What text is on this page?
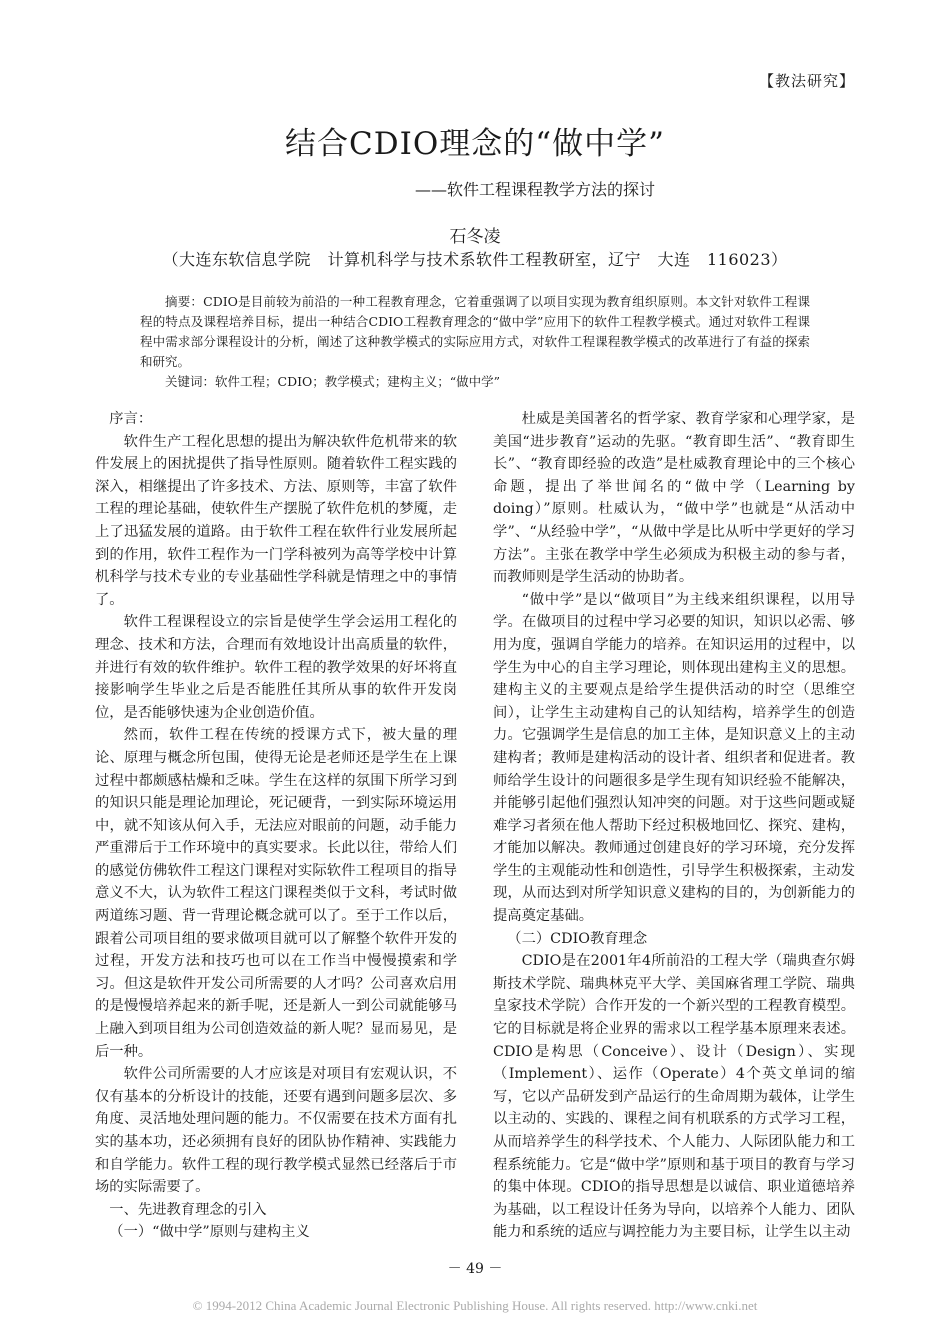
【教法研究】
结合CDIO理念的“做中学”
——软件工程课程教学方法的探讨
石冬凌
（大连东软信息学院　计算机科学与技术系软件工程教研室，辽宁　大连　116023）

摘要：CDIO是目前较为前沿的一种工程教育理念，它着重强调了以项目实现为教育组织原则。本文针对软件工程课程的特点及课程培养目标，提出一种结合CDIO工程教育理念的“做中学”应用下的软件工程教学模式。通过对软件工程课程中需求部分课程设计的分析，阐述了这种教学模式的实际应用方式，对软件工程课程教学模式的改革进行了有益的探索和研究。

关键词：软件工程；CDIO；教学模式；建构主义；“做中学”

序言：

软件生产工程化思想的提出为解决软件危机带来的软件发展上的困扰提供了指导性原则。随着软件工程实践的深入，相继提出了许多技术、方法、原则等，丰富了软件工程的理论基础，使软件生产摆脱了软件危机的梦魇，走上了迅猛发展的道路。由于软件工程在软件行业发展所起到的作用，软件工程作为一门学科被列为高等学校中计算机科学与技术专业的专业基础性学科就是情理之中的事情了。

软件工程课程设立的宗旨是使学生学会运用工程化的理念、技术和方法，合理而有效地设计出高质量的软件，并进行有效的软件维护。软件工程的教学效果的好坏将直接影响学生毕业之后是否能胜任其所从事的软件开发岗位，是否能够快速为企业创造价值。

然而，软件工程在传统的授课方式下，被大量的理论、原理与概念所包围，使得无论是老师还是学生在上课过程中都颇感枯燥和乏味。学生在这样的氛围下所学习到的知识只能是理论加理论，死记硬背，一到实际环境运用中，就不知该从何入手，无法应对眼前的问题，动手能力严重滞后于工作环境中的真实要求。长此以往，带给人们的感觉仿佛软件工程这门课程对实际软件工程项目的指导意义不大，认为软件工程这门课程类似于文科，考试时做两道练习题、背一背理论概念就可以了。至于工作以后，跟着公司项目组的要求做项目就可以了解整个软件开发的过程，开发方法和技巧也可以在工作当中慢慢摸索和学习。但这是软件开发公司所需要的人才吗？公司喜欢启用的是慢慢培养起来的新手呢，还是新人一到公司就能够马上融入到项目组为公司创造效益的新人呢？显而易见，是后一种。

软件公司所需要的人才应该是对项目有宏观认识，不仅有基本的分析设计的技能，还要有遇到问题多层次、多角度、灵活地处理问题的能力。不仅需要在技术方面有扎实的基本功，还必须拥有良好的团队协作精神、实践能力和自学能力。软件工程的现行教学模式显然已经落后于市场的实际需要了。

一、先进教育理念的引入

（一）“做中学”原则与建构主义

杜威是美国著名的哲学家、教育学家和心理学家，是美国“进步教育”运动的先驱。“教育即生活”、“教育即生长”、“教育即经验的改造”是杜威教育理论中的三个核心命题，提出了举世闻名的“做中学（Learning by doing）”原则。杜威认为，“做中学”也就是“从活动中学”、“从经验中学”，“从做中学是比从听中学更好的学习方法”。主张在教学中学生必须成为积极主动的参与者，而教师则是学生活动的协助者。

“做中学”是以“做项目”为主线来组织课程，以用导学。在做项目的过程中学习必要的知识，知识以必需、够用为度，强调自学能力的培养。在知识运用的过程中，以学生为中心的自主学习理论，则体现出建构主义的思想。建构主义的主要观点是给学生提供活动的时空（思维空间），让学生主动建构自己的认知结构，培养学生的创造力。它强调学生是信息的加工主体，是知识意义上的主动建构者；教师是建构活动的设计者、组织者和促进者。教师给学生设计的问题很多是学生现有知识经验不能解决，并能够引起他们强烈认知冲突的问题。对于这些问题或疑难学习者须在他人帮助下经过积极地回忆、探究、建构，才能加以解决。教师通过创建良好的学习环境，充分发挥学生的主观能动性和创造性，引导学生积极探索，主动发现，从而达到对所学知识意义建构的目的，为创新能力的提高奠定基础。

（二）CDIO教育理念

CDIO是在2001年4所前沿的工程大学（瑞典查尔姆斯技术学院、瑞典林克平大学、美国麻省理工学院、瑞典皇家技术学院）合作开发的一个新兴型的工程教育模型。它的目标就是将企业界的需求以工程学基本原理来表述。CDIO是构思（Conceive）、设计（Design）、实现（Implement）、运作（Operate）4个英文单词的缩写，它以产品研发到产品运行的生命周期为载体，让学生以主动的、实践的、课程之间有机联系的方式学习工程，从而培养学生的科学技术、个人能力、人际团队能力和工程系统能力。它是“做中学”原则和基于项目的教育与学习的集中体现。CDIO的指导思想是以诚信、职业道德培养为基础，以工程设计任务为导向，以培养个人能力、团队能力和系统的适应与调控能力为主要目标，让学生以主动

－ 49 －
© 1994-2012 China Academic Journal Electronic Publishing House. All rights reserved. http://www.cnki.net
